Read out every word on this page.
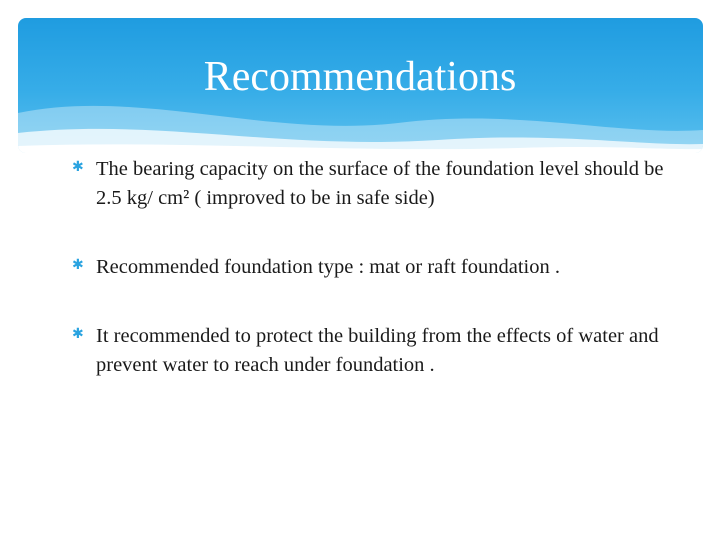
Recommendations
✱ The bearing capacity on the surface of the foundation level should be 2.5 kg/ cm² ( improved to be in safe side)
✱ Recommended foundation type : mat or raft foundation .
✱ It recommended to protect the building from the effects of water and prevent water to reach under foundation .
